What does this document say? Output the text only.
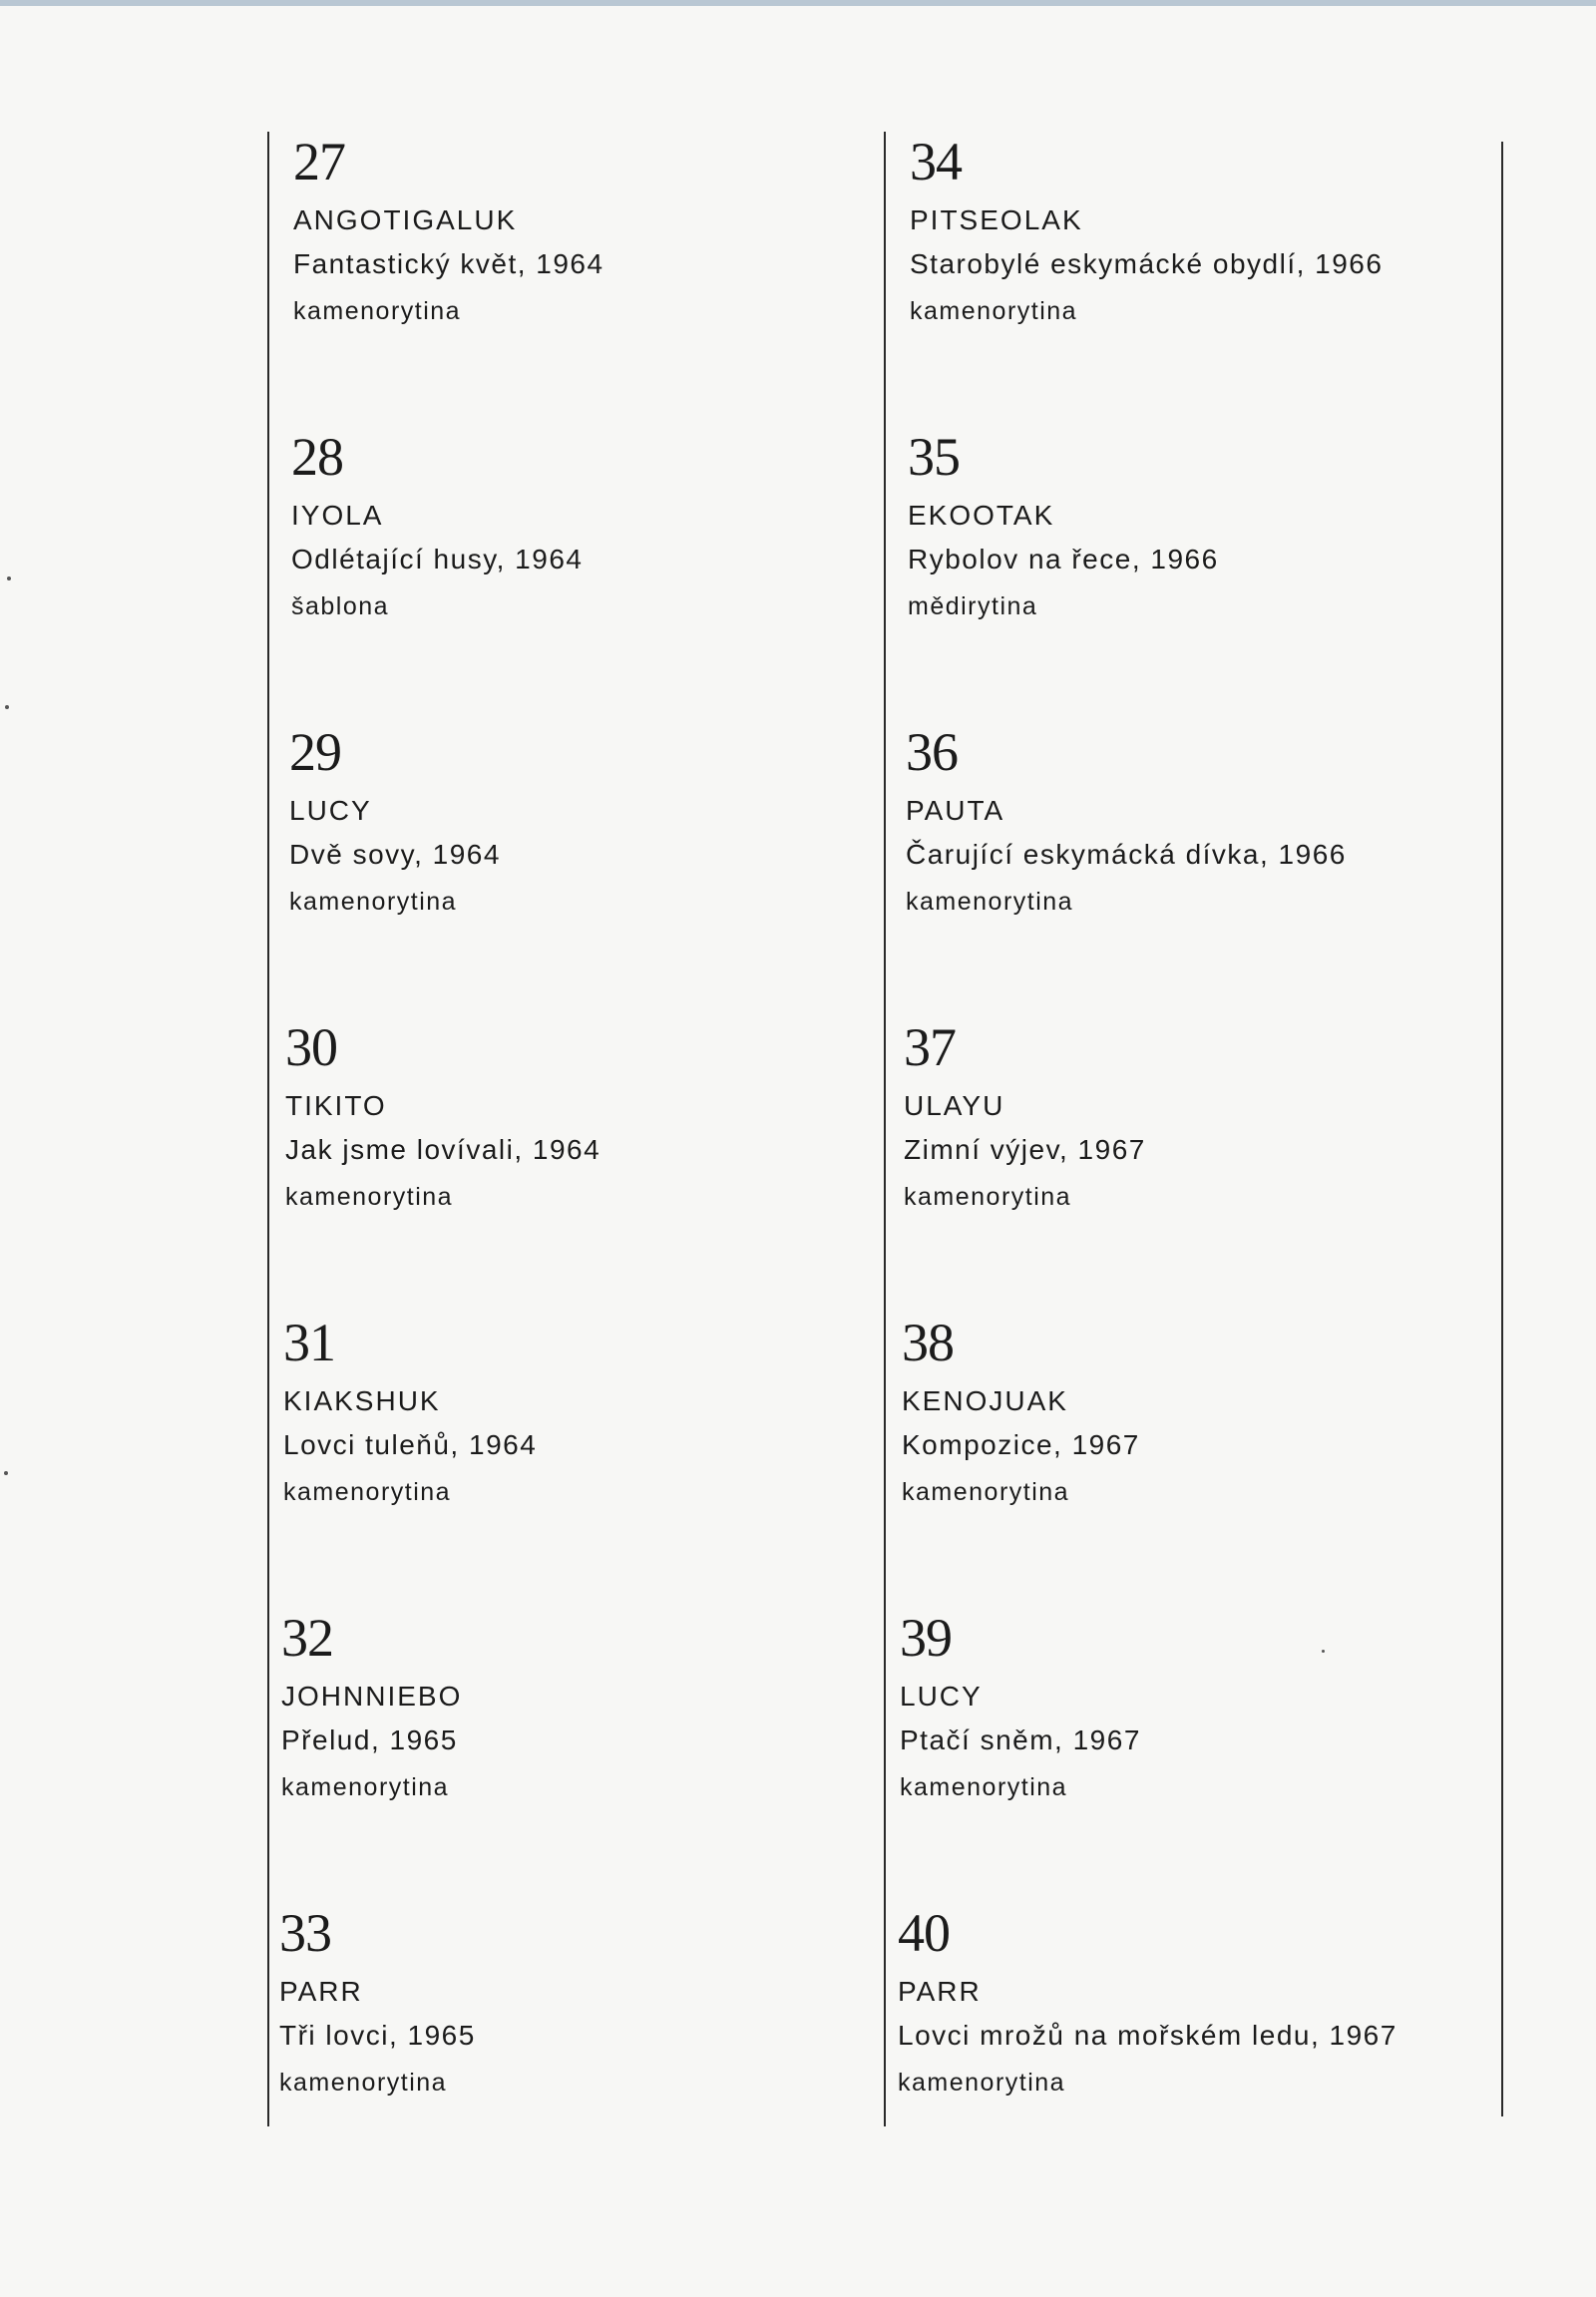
27
ANGOTIGALUK
Fantastický květ, 1964
kamenorytina
28
IYOLA
Odlétající husy, 1964
šablona
29
LUCY
Dvě sovy, 1964
kamenorytina
30
TIKITO
Jak jsme lovívali, 1964
kamenorytina
31
KIAKSHUK
Lovci tuleňů, 1964
kamenorytina
32
JOHNNIEBO
Přelud, 1965
kamenorytina
33
PARR
Tři lovci, 1965
kamenorytina
34
PITSEOLAK
Starobylé eskymácké obydlí, 1966
kamenorytina
35
EKOOTAK
Rybolov na řece, 1966
mědirytina
36
PAUTA
Čarující eskymácká dívka, 1966
kamenorytina
37
ULAYU
Zimní výjev, 1967
kamenorytina
38
KENOJUAK
Kompozice, 1967
kamenorytina
39
LUCY
Ptačí sněm, 1967
kamenorytina
40
PARR
Lovci mrožů na mořském ledu, 1967
kamenorytina
